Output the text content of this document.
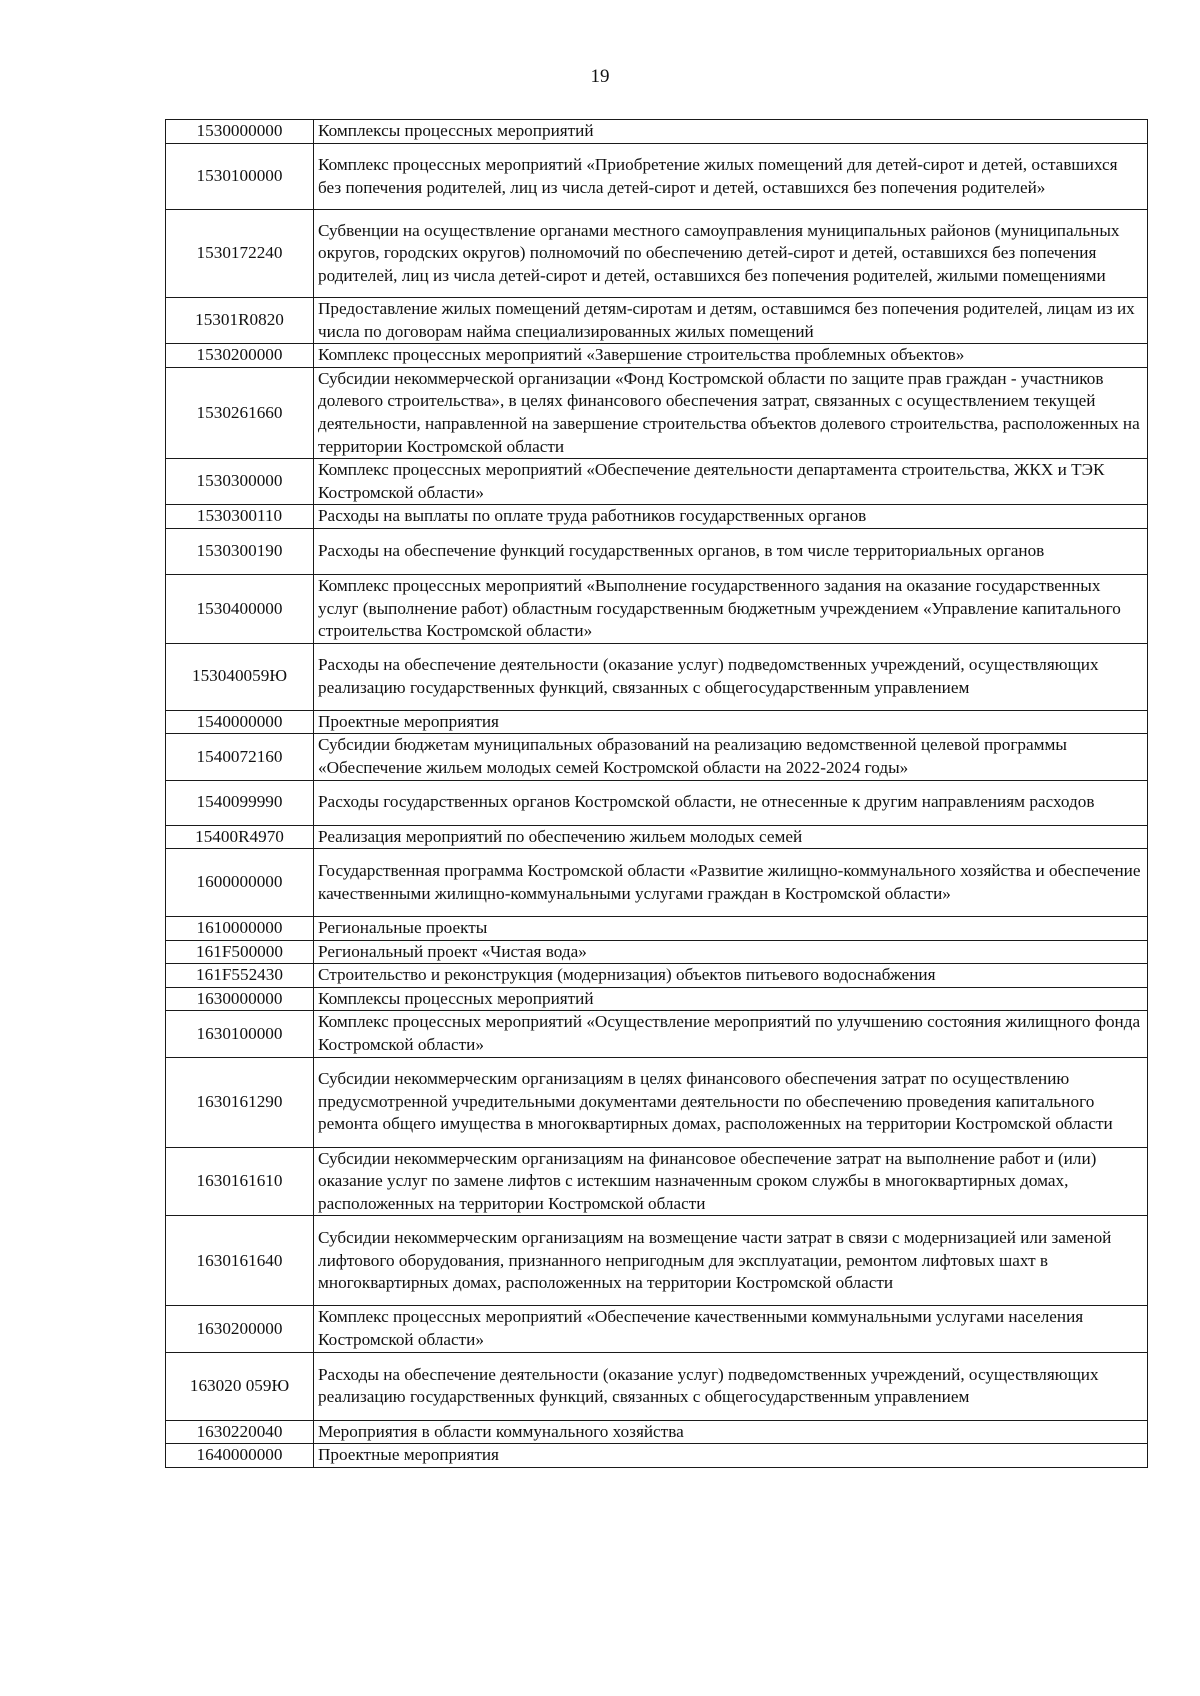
19
1530000000	Комплексы процессных мероприятий
1530100000	Комплекс процессных мероприятий «Приобретение жилых помещений для детей-сирот и детей, оставшихся без попечения родителей, лиц из числа детей-сирот и детей, оставшихся без попечения родителей»
1530172240	Субвенции на осуществление органами местного самоуправления муниципальных районов (муниципальных округов, городских округов) полномочий по обеспечению детей-сирот и детей, оставшихся без попечения родителей, лиц из числа детей-сирот и детей, оставшихся без попечения родителей, жилыми помещениями
15301R0820	Предоставление жилых помещений детям-сиротам и детям, оставшимся без попечения родителей, лицам из их числа по договорам найма специализированных жилых помещений
1530200000	Комплекс процессных мероприятий «Завершение строительства проблемных объектов»
1530261660	Субсидии некоммерческой организации «Фонд Костромской области по защите прав граждан - участников долевого строительства», в целях финансового обеспечения затрат, связанных с осуществлением текущей деятельности, направленной на завершение строительства объектов долевого строительства, расположенных на территории Костромской области
1530300000	Комплекс процессных мероприятий «Обеспечение деятельности департамента строительства, ЖКХ и ТЭК Костромской области»
1530300110	Расходы на выплаты по оплате труда работников государственных органов
1530300190	Расходы на обеспечение функций государственных органов, в том числе территориальных органов
1530400000	Комплекс процессных мероприятий «Выполнение государственного задания на оказание государственных услуг (выполнение работ) областным государственным бюджетным учреждением «Управление капитального строительства Костромской области»
153040059Ю	Расходы на обеспечение деятельности (оказание услуг) подведомственных учреждений, осуществляющих реализацию государственных функций, связанных с общегосударственным управлением
1540000000	Проектные мероприятия
1540072160	Субсидии бюджетам муниципальных образований на реализацию ведомственной целевой программы «Обеспечение жильем молодых семей Костромской области на 2022-2024 годы»
1540099990	Расходы государственных органов Костромской области, не отнесенные к другим направлениям расходов
15400R4970	Реализация мероприятий по обеспечению жильем молодых семей
1600000000	Государственная программа Костромской области «Развитие жилищно-коммунального хозяйства и обеспечение качественными жилищно-коммунальными услугами граждан в Костромской области»
1610000000	Региональные проекты
161F500000	Региональный проект «Чистая вода»
161F552430	Строительство и реконструкция (модернизация) объектов питьевого водоснабжения
1630000000	Комплексы процессных мероприятий
1630100000	Комплекс процессных мероприятий «Осуществление мероприятий по улучшению состояния жилищного фонда Костромской области»
1630161290	Субсидии некоммерческим организациям в целях финансового обеспечения затрат по осуществлению предусмотренной учредительными документами деятельности по обеспечению проведения капитального ремонта общего имущества в многоквартирных домах, расположенных на территории Костромской области
1630161610	Субсидии некоммерческим организациям на финансовое обеспечение затрат на выполнение работ и (или) оказание услуг по замене лифтов с истекшим назначенным сроком службы в многоквартирных домах, расположенных на территории Костромской области
1630161640	Субсидии некоммерческим организациям на возмещение части затрат в связи с модернизацией или заменой лифтового оборудования, признанного непригодным для эксплуатации, ремонтом лифтовых шахт в многоквартирных домах, расположенных на территории Костромской области
1630200000	Комплекс процессных мероприятий «Обеспечение качественными коммунальными услугами населения Костромской области»
163020 059Ю	Расходы на обеспечение деятельности (оказание услуг) подведомственных учреждений, осуществляющих реализацию государственных функций, связанных с общегосударственным управлением
1630220040	Мероприятия в области коммунального хозяйства
1640000000	Проектные мероприятия
